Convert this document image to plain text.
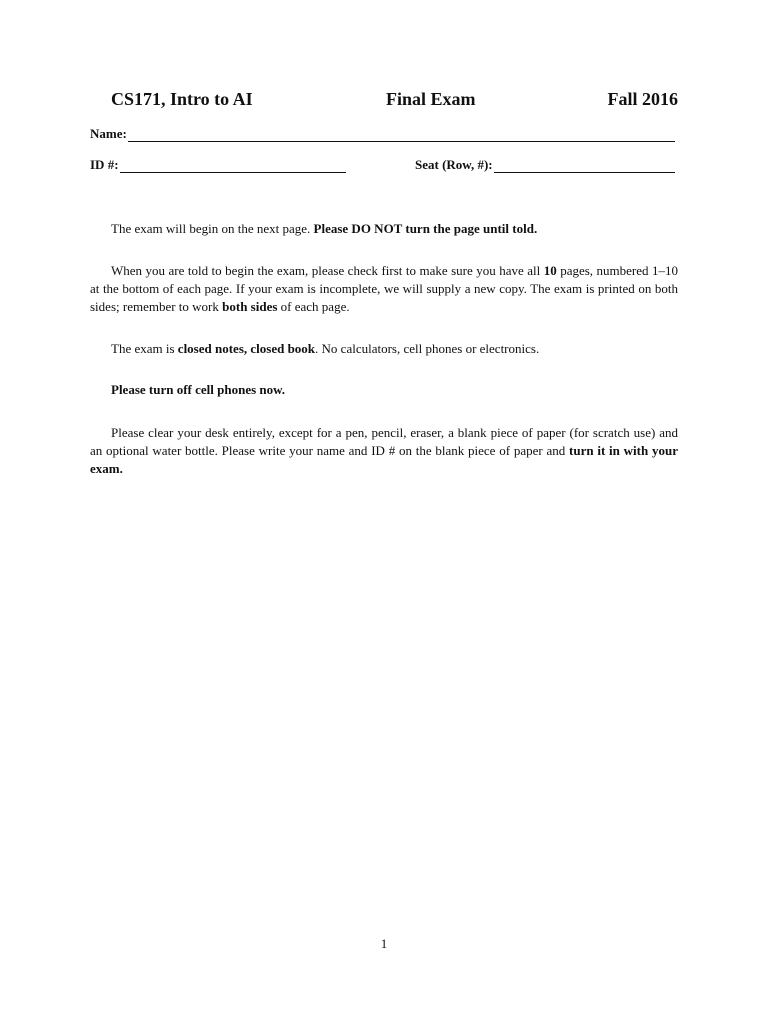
CS171, Intro to AI	Final Exam	Fall 2016
Name:
ID #:	Seat (Row, #):

The exam will begin on the next page. Please DO NOT turn the page until told.

When you are told to begin the exam, please check first to make sure you have all 10 pages, numbered 1–10 at the bottom of each page. If your exam is incomplete, we will supply a new copy. The exam is printed on both sides; remember to work both sides of each page.

The exam is closed notes, closed book. No calculators, cell phones or electronics.

Please turn off cell phones now.

Please clear your desk entirely, except for a pen, pencil, eraser, a blank piece of paper (for scratch use) and an optional water bottle. Please write your name and ID # on the blank piece of paper and turn it in with your exam.

1
